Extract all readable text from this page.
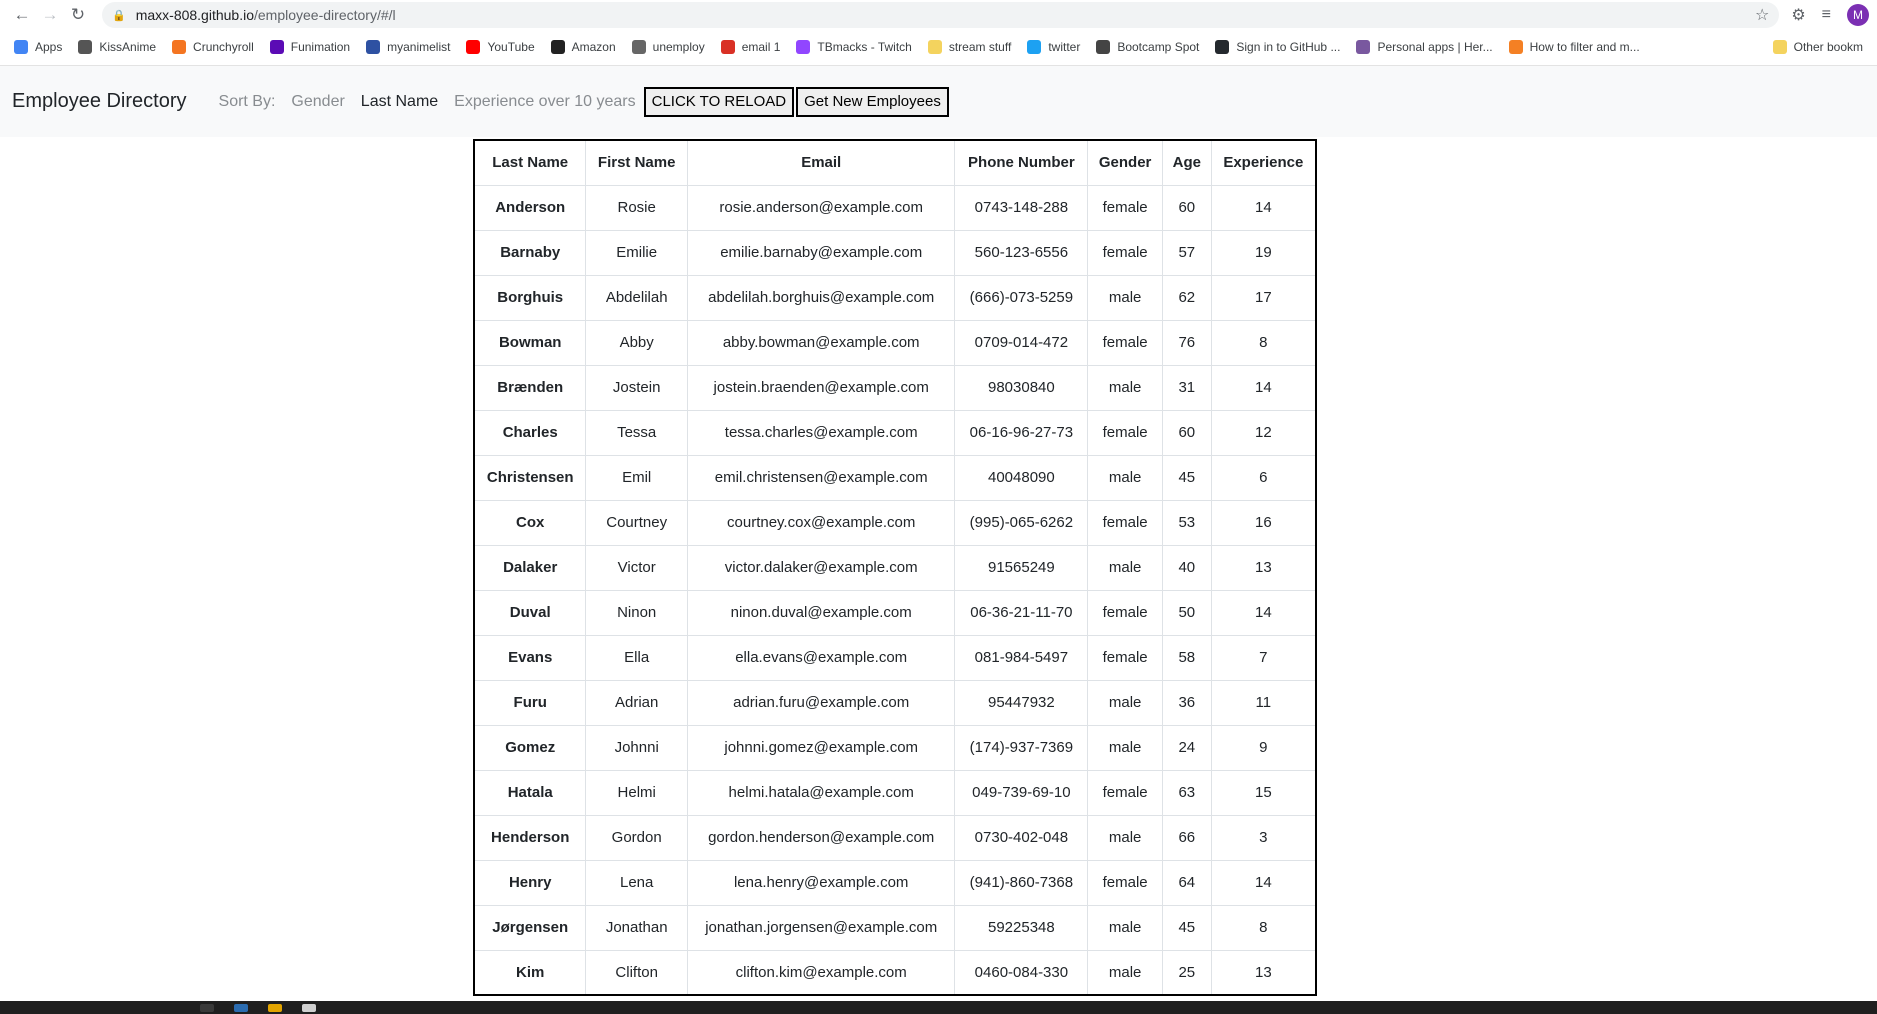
← → ↻	🔒 maxx-808.github.io /employee-directory/#/l	☆ ⚙ ≡	M
Apps	KissAnime	Crunchyroll	Funimation	myanimelist	YouTube	Amazon	unemploy	email 1	TBmacks - Twitch	stream stuff	twitter	Bootcamp Spot	Sign in to GitHub ...	Personal apps | Her...	How to filter and m...	Other bookm
Employee Directory Sort By: Gender Last Name Experience over 10 years	CLICK TO RELOAD	Get New Employees
Last Name	First Name	Email	Phone Number	Gender	Age	Experience
Anderson	Rosie	rosie.anderson@example.com	0743-148-288	female	60	14
Barnaby	Emilie	emilie.barnaby@example.com	560-123-6556	female	57	19
Borghuis	Abdelilah	abdelilah.borghuis@example.com	(666)-073-5259	male	62	17
Bowman	Abby	abby.bowman@example.com	0709-014-472	female	76	8
Brænden	Jostein	jostein.braenden@example.com	98030840	male	31	14
Charles	Tessa	tessa.charles@example.com	06-16-96-27-73	female	60	12
Christensen	Emil	emil.christensen@example.com	40048090	male	45	6
Cox	Courtney	courtney.cox@example.com	(995)-065-6262	female	53	16
Dalaker	Victor	victor.dalaker@example.com	91565249	male	40	13
Duval	Ninon	ninon.duval@example.com	06-36-21-11-70	female	50	14
Evans	Ella	ella.evans@example.com	081-984-5497	female	58	7
Furu	Adrian	adrian.furu@example.com	95447932	male	36	11
Gomez	Johnni	johnni.gomez@example.com	(174)-937-7369	male	24	9
Hatala	Helmi	helmi.hatala@example.com	049-739-69-10	female	63	15
Henderson	Gordon	gordon.henderson@example.com	0730-402-048	male	66	3
Henry	Lena	lena.henry@example.com	(941)-860-7368	female	64	14
Jørgensen	Jonathan	jonathan.jorgensen@example.com	59225348	male	45	8
Kim	Clifton	clifton.kim@example.com	0460-084-330	male	25	13
